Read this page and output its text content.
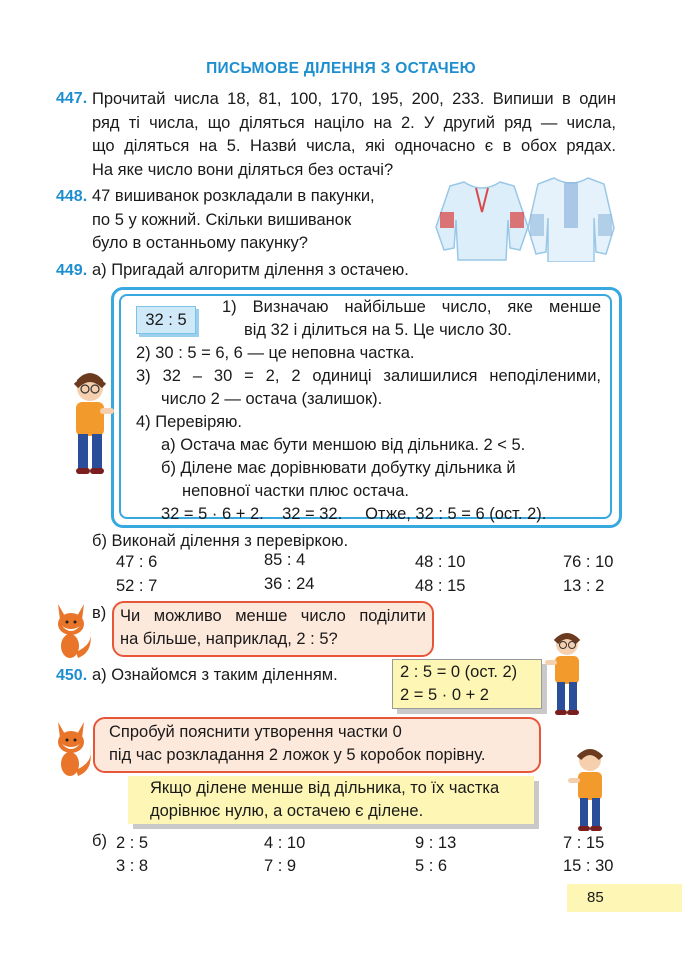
ПИСЬМОВЕ ДІЛЕННЯ З ОСТАЧЕЮ
447. Прочитай числа 18, 81, 100, 170, 195, 200, 233. Випиши в один
ряд ті числа, що діляться націло на 2. У другий ряд — числа,
що діляться на 5. Назви́ числа, які одночасно є в обох рядах.
На яке число вони діляться без остачі?
448. 47 вишиванок розкладали в пакунки,
по 5 у кожний. Скільки вишиванок
було в останньому пакунку?
449. а) Пригадай алгоритм ділення з остачею.
32 : 5
1) Визначаю найбільше число, яке менше
від 32 і ділиться на 5. Це число 30.
2) 30 : 5 = 6, 6 — це неповна частка.
3) 32 – 30 = 2, 2 одиниці залишилися неподіленими,
число 2 — остача (залишок).
4) Перевіряю.
а) Остача має бути меншою від дільника. 2 < 5.
б) Ділене має дорівнювати добутку дільника й
неповної частки плюс остача.
32 = 5 · 6 + 2.    32 = 32.     Отже, 32 : 5 = 6 (ост. 2).
б) Виконай ділення з перевіркою.
47 : 6	85 : 4	48 : 10	76 : 10
52 : 7	36 : 24	48 : 15	13 : 2
в) Чи можливо менше число поділити
на більше, наприклад, 2 : 5?
450. а) Ознайомся з таким діленням.	2 : 5 = 0 (ост. 2)
2 = 5 · 0 + 2
Спробуй пояснити утворення частки 0
під час розкладання 2 ложок у 5 коробок порівну.
Якщо ділене менше від дільника, то їх частка
дорівнює нулю, а остачею є ділене.
б) 2 : 5	4 : 10	9 : 13	7 : 15
3 : 8	7 : 9	5 : 6	15 : 30
85
